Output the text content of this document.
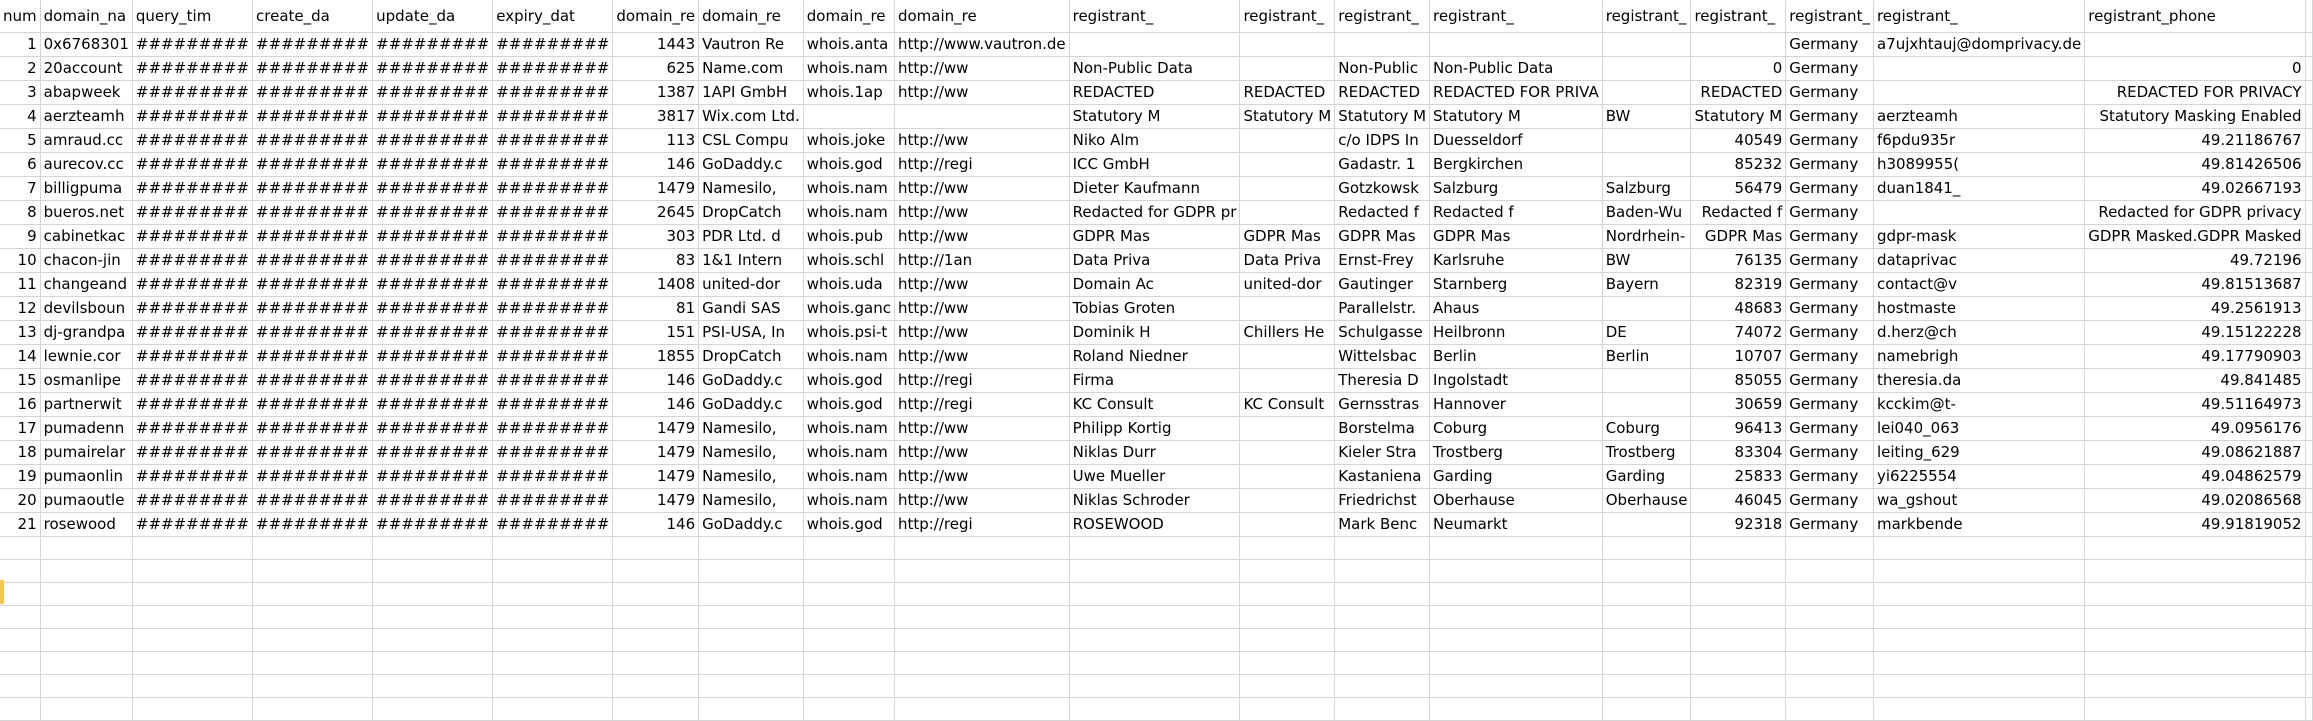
num	domain_na	query_tim	create_da	update_da	expiry_dat	domain_re	domain_re	domain_re	domain_re	registrant_	registrant_	registrant_	registrant_	registrant_	registrant_	registrant_	registrant_	registrant_phone	
1	0x6768301	#########	#########	#########	#########	1443	Vautron Re	whois.anta	http://www.vautron.de							Germany	a7ujxhtauj@domprivacy.de		
2	20account	#########	#########	#########	#########	625	Name.com	whois.nam	http://ww	Non-Public Data		Non-Public	Non-Public Data		0	Germany		0	
3	abapweek	#########	#########	#########	#########	1387	1API GmbH	whois.1ap	http://ww	REDACTED	REDACTED	REDACTED	REDACTED FOR PRIVA		REDACTED	Germany		REDACTED FOR PRIVACY	
4	aerzteamh	#########	#########	#########	#########	3817	Wix.com Ltd.			Statutory M	Statutory M	Statutory M	Statutory M	BW	Statutory M	Germany	aerzteamh	Statutory Masking Enabled	
5	amraud.cc	#########	#########	#########	#########	113	CSL Compu	whois.joke	http://ww	Niko Alm		c/o IDPS In	Duesseldorf		40549	Germany	f6pdu935r	49.21186767	
6	aurecov.cc	#########	#########	#########	#########	146	GoDaddy.c	whois.god	http://regi	ICC GmbH		Gadastr. 1	Bergkirchen		85232	Germany	h3089955(	49.81426506	
7	billigpuma	#########	#########	#########	#########	1479	Namesilo,	whois.nam	http://ww	Dieter Kaufmann		Gotzkowsk	Salzburg	Salzburg	56479	Germany	duan1841_	49.02667193	
8	bueros.net	#########	#########	#########	#########	2645	DropCatch	whois.nam	http://ww	Redacted for GDPR pr		Redacted f	Redacted f	Baden-Wu	Redacted f	Germany		Redacted for GDPR privacy	
9	cabinetkac	#########	#########	#########	#########	303	PDR Ltd. d	whois.pub	http://ww	GDPR Mas	GDPR Mas	GDPR Mas	GDPR Mas	Nordrhein-	GDPR Mas	Germany	gdpr-mask	GDPR Masked.GDPR Masked	
10	chacon-jin	#########	#########	#########	#########	83	1&1 Intern	whois.schl	http://1an	Data Priva	Data Priva	Ernst-Frey	Karlsruhe	BW	76135	Germany	dataprivac	49.72196	
11	changeand	#########	#########	#########	#########	1408	united-dor	whois.uda	http://ww	Domain Ac	united-dor	Gautinger	Starnberg	Bayern	82319	Germany	contact@v	49.81513687	
12	devilsboun	#########	#########	#########	#########	81	Gandi SAS	whois.ganc	http://ww	Tobias Groten		Parallelstr.	Ahaus		48683	Germany	hostmaste	49.2561913	
13	dj-grandpa	#########	#########	#########	#########	151	PSI-USA, In	whois.psi-t	http://ww	Dominik H	Chillers He	Schulgasse	Heilbronn	DE	74072	Germany	d.herz@ch	49.15122228	
14	lewnie.cor	#########	#########	#########	#########	1855	DropCatch	whois.nam	http://ww	Roland Niedner		Wittelsbac	Berlin	Berlin	10707	Germany	namebrigh	49.17790903	
15	osmanlipe	#########	#########	#########	#########	146	GoDaddy.c	whois.god	http://regi	Firma		Theresia D	Ingolstadt		85055	Germany	theresia.da	49.841485	
16	partnerwit	#########	#########	#########	#########	146	GoDaddy.c	whois.god	http://regi	KC Consult	KC Consult	Gernsstras	Hannover		30659	Germany	kcckim@t-	49.51164973	
17	pumadenn	#########	#########	#########	#########	1479	Namesilo,	whois.nam	http://ww	Philipp Kortig		Borstelma	Coburg	Coburg	96413	Germany	lei040_063	49.0956176	
18	pumairelar	#########	#########	#########	#########	1479	Namesilo,	whois.nam	http://ww	Niklas Durr		Kieler Stra	Trostberg	Trostberg	83304	Germany	leiting_629	49.08621887	
19	pumaonlin	#########	#########	#########	#########	1479	Namesilo,	whois.nam	http://ww	Uwe Mueller		Kastaniena	Garding	Garding	25833	Germany	yi6225554	49.04862579	
20	pumaoutle	#########	#########	#########	#########	1479	Namesilo,	whois.nam	http://ww	Niklas Schroder		Friedrichst	Oberhause	Oberhause	46045	Germany	wa_gshout	49.02086568	
21	rosewood	#########	#########	#########	#########	146	GoDaddy.c	whois.god	http://regi	ROSEWOOD		Mark Benc	Neumarkt		92318	Germany	markbende	49.91819052	
